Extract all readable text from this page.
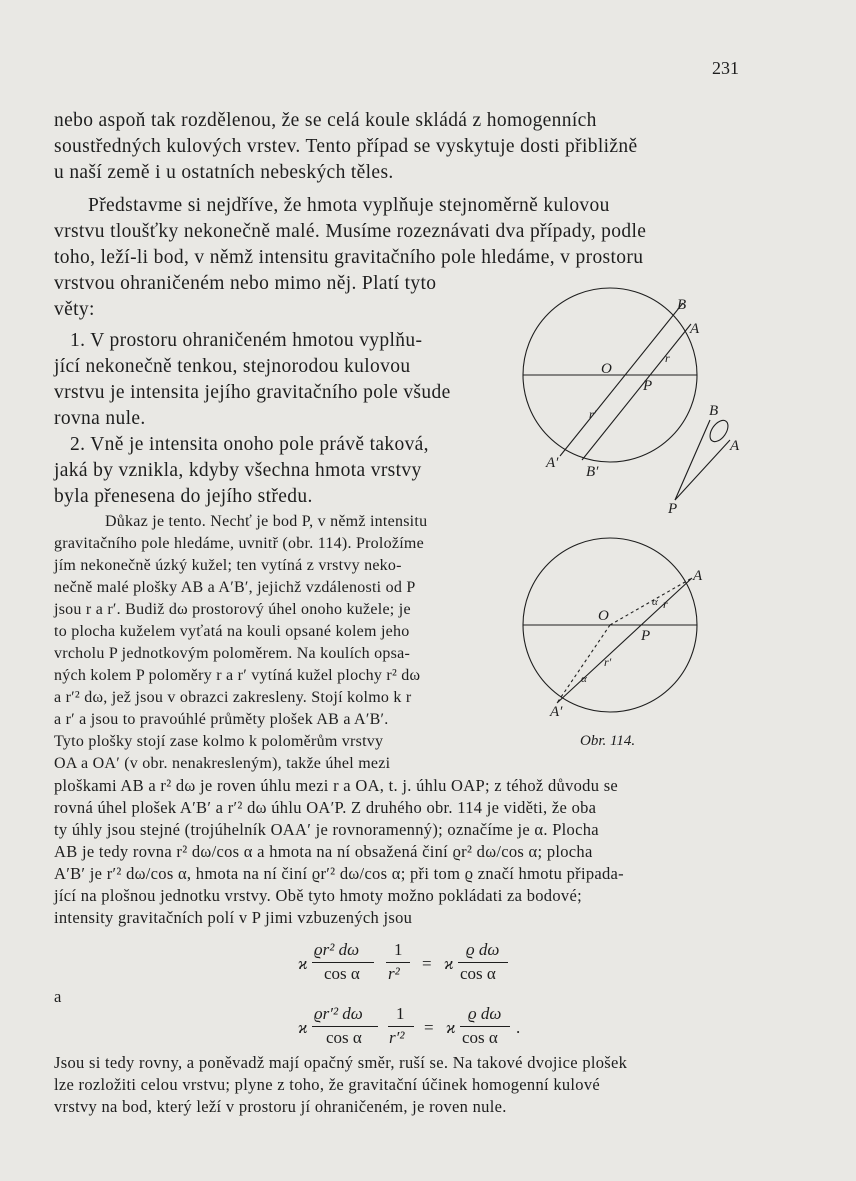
231
nebo aspoň tak rozdělenou, že se celá koule skládá z homogenních
soustředných kulových vrstev. Tento případ se vyskytuje dosti přibližně
u naší země i u ostatních nebeských těles.
Představme si nejdříve, že hmota vyplňuje stejnoměrně kulovou
vrstvu tloušťky nekonečně malé. Musíme rozeznávati dva případy, podle
toho, leží-li bod, v němž intensitu gravitačního pole hledáme, v prostoru
vrstvou ohraničeném nebo mimo něj. Platí tyto
věty:
1. V prostoru ohraničeném hmotou vyplňu-
jící nekonečně tenkou, stejnorodou kulovou
vrstvu je intensita jejího gravitačního pole všude
rovna nule.
2. Vně je intensita onoho pole právě taková,
jaká by vznikla, kdyby všechna hmota vrstvy
byla přenesena do jejího středu.
Důkaz je tento. Nechť je bod P, v němž intensitu
gravitačního pole hledáme, uvnitř (obr. 114). Proložíme
jím nekonečně úzký kužel; ten vytíná z vrstvy neko-
nečně malé plošky AB a A′B′, jejichž vzdálenosti od P
jsou r a r′. Budiž dω prostorový úhel onoho kužele; je
to plocha kuželem vyťatá na kouli opsané kolem jeho
vrcholu P jednotkovým poloměrem. Na koulích opsa-
ných kolem P poloměry r a r′ vytíná kužel plochy r² dω
a r′² dω, jež jsou v obrazci zakresleny. Stojí kolmo k r
a r′ a jsou to pravoúhlé průměty plošek AB a A′B′.
Tyto plošky stojí zase kolmo k poloměrům vrstvy
OA a OA′ (v obr. nenakresleným), takže úhel mezi
ploškami AB a r² dω je roven úhlu mezi r a OA, t. j. úhlu OAP; z téhož důvodu se
rovná úhel plošek A′B′ a r′² dω úhlu OA′P. Z druhého obr. 114 je viděti, že oba
ty úhly jsou stejné (trojúhelník OAA′ je rovnoramenný); označíme je α. Plocha
AB je tedy rovna r² dω/cos α a hmota na ní obsažená činí ϱr² dω/cos α; plocha
A′B′ je r′² dω/cos α, hmota na ní činí ϱr′² dω/cos α; při tom ϱ značí hmotu připada-
jící na plošnou jednotku vrstvy. Obě tyto hmoty možno pokládati za bodové;
intensity gravitačních polí v P jimi vzbuzených jsou
ϰ
ϱr² dω
cos α
1
r²
= ϰ
ϱ dω
cos α
a
ϰ
ϱr′² dω
cos α
1
r′²
= ϰ
ϱ dω
cos α
.
Jsou si tedy rovny, a poněvadž mají opačný směr, ruší se. Na takové dvojice plošek
lze rozložiti celou vrstvu; plyne z toho, že gravitační účinek homogenní kulové
vrstvy na bod, který leží v prostoru jí ohraničeném, je roven nule.
B
A
O
r
P
r′
A′
B′
B
A
P
A
O
α r
P
r′
α
A′
Obr. 114.
